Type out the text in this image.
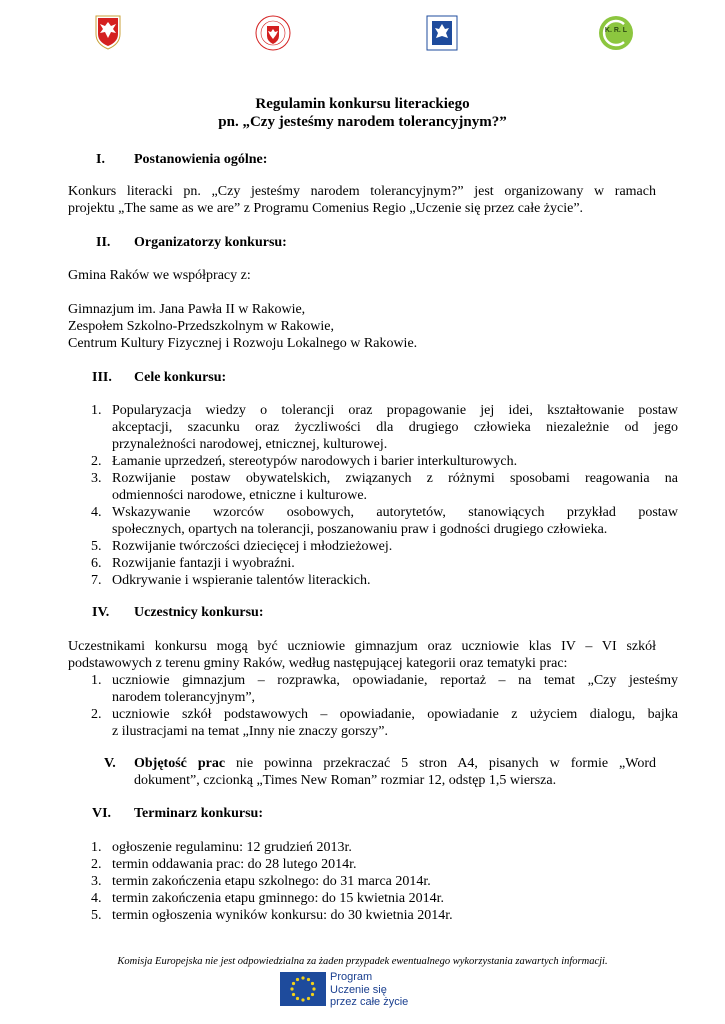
K. R. L
Regulamin konkursu literackiego
pn. „Czy jesteśmy narodem tolerancyjnym?”
I. Postanowienia ogólne:
Konkurs literacki pn. „Czy jesteśmy narodem tolerancyjnym?” jest organizowany w ramach
projektu „The same as we are” z Programu Comenius Regio „Uczenie się przez całe życie”.
II. Organizatorzy konkursu:
Gmina Raków we współpracy z:
Gimnazjum im. Jana Pawła II w Rakowie,
Zespołem Szkolno-Przedszkolnym w Rakowie,
Centrum Kultury Fizycznej i Rozwoju Lokalnego w Rakowie.
III. Cele konkursu:
1. Popularyzacja wiedzy o tolerancji oraz propagowanie jej idei, kształtowanie postaw
akceptacji, szacunku oraz życzliwości dla drugiego człowieka niezależnie od jego
przynależności narodowej, etnicznej, kulturowej.
2. Łamanie uprzedzeń, stereotypów narodowych i barier interkulturowych.
3. Rozwijanie postaw obywatelskich, związanych z różnymi sposobami reagowania na
odmienności narodowe, etniczne i kulturowe.
4. Wskazywanie wzorców osobowych, autorytetów, stanowiących przykład postaw
społecznych, opartych na tolerancji, poszanowaniu praw i godności drugiego człowieka.
5. Rozwijanie twórczości dziecięcej i młodzieżowej.
6. Rozwijanie fantazji i wyobraźni.
7. Odkrywanie i wspieranie talentów literackich.
IV. Uczestnicy konkursu:
Uczestnikami konkursu mogą być uczniowie gimnazjum oraz uczniowie klas IV – VI szkół
podstawowych z terenu gminy Raków, według następującej kategorii oraz tematyki prac:
1. uczniowie gimnazjum – rozprawka, opowiadanie, reportaż – na temat „Czy jesteśmy
narodem tolerancyjnym”,
2. uczniowie szkół podstawowych – opowiadanie, opowiadanie z użyciem dialogu, bajka
z ilustracjami na temat „Inny nie znaczy gorszy”.
V. Objętość prac nie powinna przekraczać 5 stron A4, pisanych w formie „Word
dokument”, czcionką „Times New Roman” rozmiar 12, odstęp 1,5 wiersza.
VI. Terminarz konkursu:
1. ogłoszenie regulaminu: 12 grudzień 2013r.
2. termin oddawania prac: do 28 lutego 2014r.
3. termin zakończenia etapu szkolnego: do 31 marca 2014r.
4. termin zakończenia etapu gminnego: do 15 kwietnia 2014r.
5. termin ogłoszenia wyników konkursu: do 30 kwietnia 2014r.
Komisja Europejska nie jest odpowiedzialna za żaden przypadek ewentualnego wykorzystania zawartych informacji.
Program
Uczenie się
przez całe życie
